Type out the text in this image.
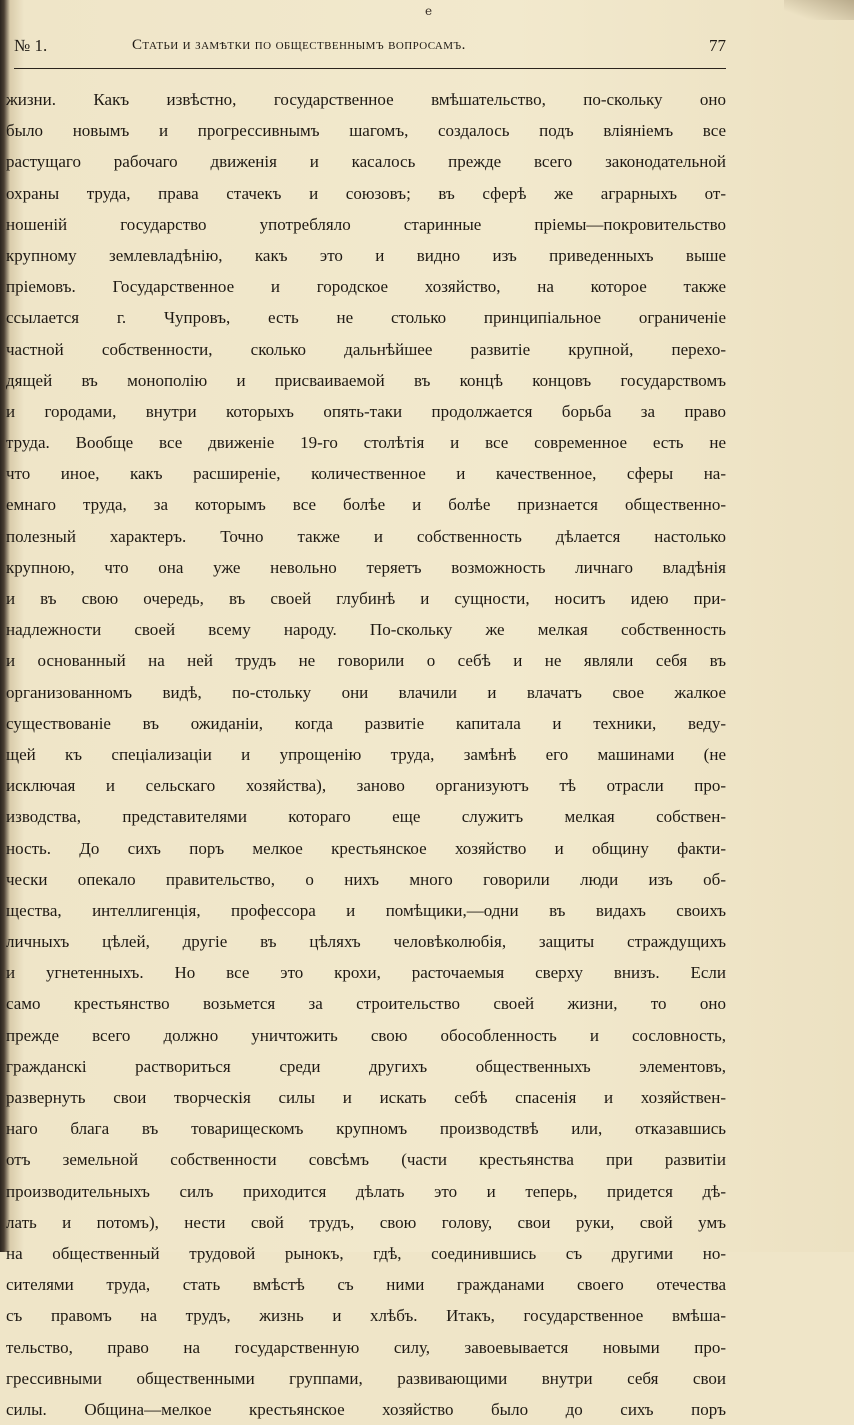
е
№ 1.	Статьи и замѣтки по общественнымъ вопросамъ.	77
жизни. Какъ извѣстно, государственное вмѣшательство, по-скольку оно
было новымъ и прогрессивнымъ шагомъ, создалось подъ вліяніемъ все
растущаго рабочаго движенія и касалось прежде всего законодательной
охраны труда, права стачекъ и союзовъ; въ сферѣ же аграрныхъ от-
ношеній государство употребляло старинные пріемы—покровительство
крупному землевладѣнію, какъ это и видно изъ приведенныхъ выше
пріемовъ. Государственное и городское хозяйство, на которое также
ссылается г. Чупровъ, есть не столько принципіальное ограниченіе
частной собственности, сколько дальнѣйшее развитіе крупной, перехо-
дящей въ монополію и присваиваемой въ концѣ концовъ государствомъ
и городами, внутри которыхъ опять-таки продолжается борьба за право
труда. Вообще все движеніе 19-го столѣтія и все современное есть не
что иное, какъ расширеніе, количественное и качественное, сферы на-
емнаго труда, за которымъ все болѣе и болѣе признается общественно-
полезный характеръ. Точно также и собственность дѣлается настолько
крупною, что она уже невольно теряетъ возможность личнаго владѣнія
и въ свою очередь, въ своей глубинѣ и сущности, носитъ идею при-
надлежности своей всему народу. По-скольку же мелкая собственность
и основанный на ней трудъ не говорили о себѣ и не являли себя въ
организованномъ видѣ, по-стольку они влачили и влачатъ свое жалкое
существованіе въ ожиданіи, когда развитіе капитала и техники, веду-
щей къ спеціализаціи и упрощенію труда, замѣнѣ его машинами (не
исключая и сельскаго хозяйства), заново организуютъ тѣ отрасли про-
изводства, представителями котораго еще служитъ мелкая собствен-
ность. До сихъ поръ мелкое крестьянское хозяйство и общину факти-
чески опекало правительство, о нихъ много говорили люди изъ об-
щества, интеллигенція, профессора и помѣщики,—одни въ видахъ своихъ
личныхъ цѣлей, другіе въ цѣляхъ человѣколюбія, защиты страждущихъ
и угнетенныхъ. Но все это крохи, расточаемыя сверху внизъ. Если
само крестьянство возьмется за строительство своей жизни, то оно
прежде всего должно уничтожить свою обособленность и сословность,
гражданскі растворитьcя среди другихъ общественныхъ элементовъ,
развернуть свои творческія силы и искать себѣ спасенія и хозяйствен-
наго блага въ товарищескомъ крупномъ производствѣ или, отказавшись
отъ земельной собственности совсѣмъ (части крестьянства при развитіи
производительныхъ силъ приходится дѣлать это и теперь, придется дѣ-
лать и потомъ), нести свой трудъ, свою голову, свои руки, свой умъ
на общественный трудовой рынокъ, гдѣ, соединившись съ другими но-
сителями труда, стать вмѣстѣ съ ними гражданами своего отечества
съ правомъ на трудъ, жизнь и хлѣбъ. Итакъ, государственное вмѣша-
тельство, право на государственную силу, завоевывается новыми про-
грессивными общественными группами, развивающими внутри себя свои
силы. Община—мелкое крестьянское хозяйство было до сихъ поръ
